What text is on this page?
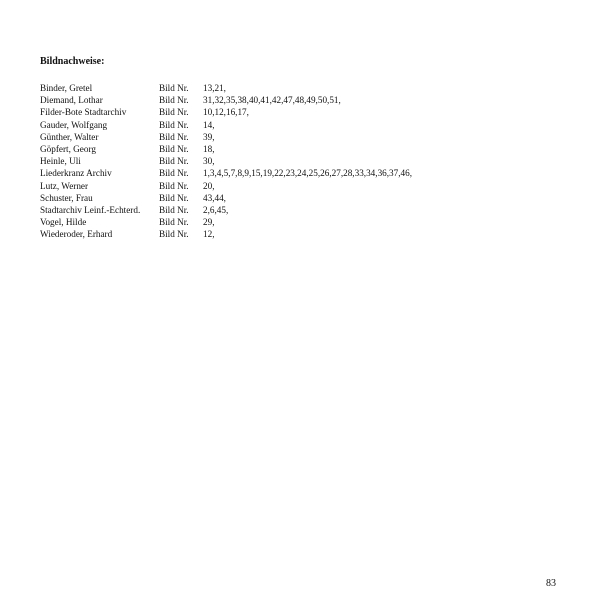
Bildnachweise:
Binder, Gretel	Bild Nr.	13,21,
Diemand, Lothar	Bild Nr.	31,32,35,38,40,41,42,47,48,49,50,51,
Filder-Bote Stadtarchiv	Bild Nr.	10,12,16,17,
Gauder, Wolfgang	Bild Nr.	14,
Günther, Walter	Bild Nr.	39,
Göpfert, Georg	Bild Nr.	18,
Heinle, Uli	Bild Nr.	30,
Liederkranz Archiv	Bild Nr.	1,3,4,5,7,8,9,15,19,22,23,24,25,26,27,28,33,34,36,37,46,
Lutz, Werner	Bild Nr.	20,
Schuster, Frau	Bild Nr.	43,44,
Stadtarchiv Leinf.-Echterd.	Bild Nr.	2,6,45,
Vogel, Hilde	Bild Nr.	29,
Wiederoder, Erhard	Bild Nr.	12,
83
